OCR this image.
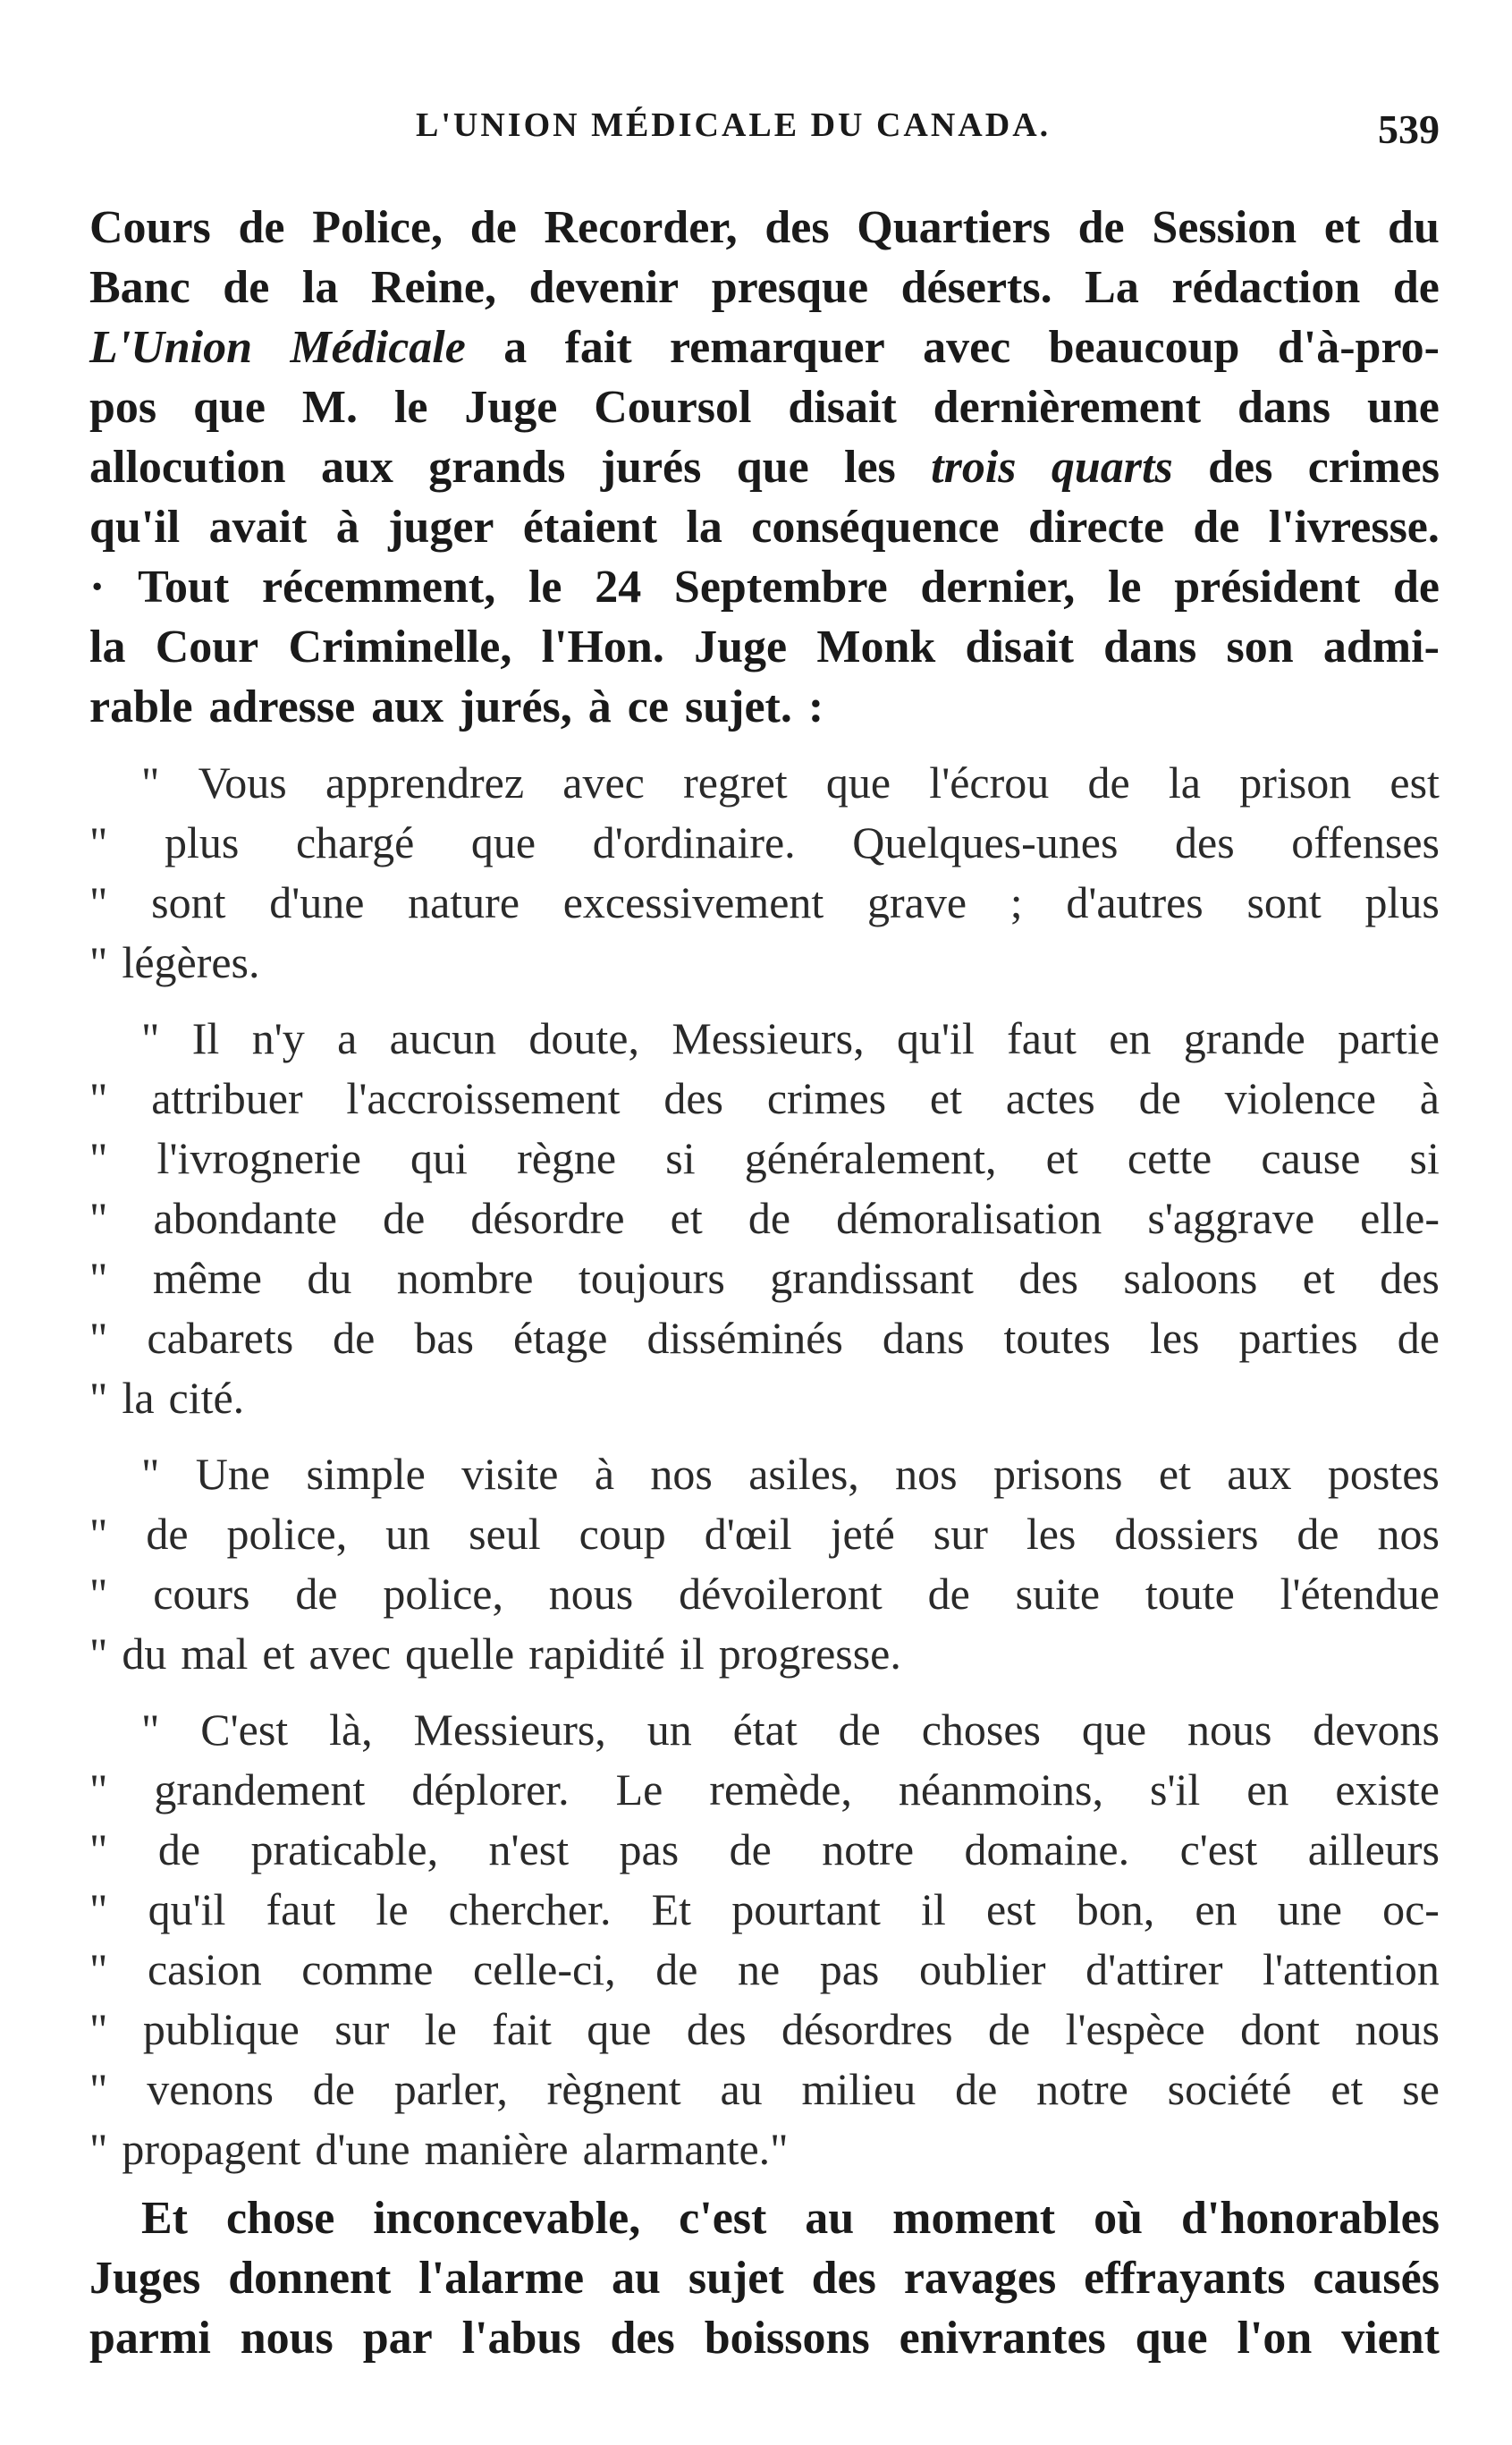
L'UNION MÉDICALE DU CANADA.	539
Cours de Police, de Recorder, des Quartiers de Session et du
Banc de la Reine, devenir presque déserts. La rédaction de
L'Union Médicale a fait remarquer avec beaucoup d'à-pro-
pos que M. le Juge Coursol disait dernièrement dans une
allocution aux grands jurés que les trois quarts des crimes
qu'il avait à juger étaient la conséquence directe de l'ivresse.
· Tout récemment, le 24 Septembre dernier, le président de
la Cour Criminelle, l'Hon. Juge Monk disait dans son admi-
rable adresse aux jurés, à ce sujet. :
" Vous apprendrez avec regret que l'écrou de la prison est
" plus chargé que d'ordinaire. Quelques-unes des offenses
" sont d'une nature excessivement grave ; d'autres sont plus
" légères.
" Il n'y a aucun doute, Messieurs, qu'il faut en grande partie
" attribuer l'accroissement des crimes et actes de violence à
" l'ivrognerie qui règne si généralement, et cette cause si
" abondante de désordre et de démoralisation s'aggrave elle-
" même du nombre toujours grandissant des saloons et des
" cabarets de bas étage disséminés dans toutes les parties de
" la cité.
" Une simple visite à nos asiles, nos prisons et aux postes
" de police, un seul coup d'œil jeté sur les dossiers de nos
" cours de police, nous dévoileront de suite toute l'étendue
" du mal et avec quelle rapidité il progresse.
" C'est là, Messieurs, un état de choses que nous devons
" grandement déplorer. Le remède, néanmoins, s'il en existe
" de praticable, n'est pas de notre domaine. c'est ailleurs
" qu'il faut le chercher. Et pourtant il est bon, en une oc-
" casion comme celle-ci, de ne pas oublier d'attirer l'attention
" publique sur le fait que des désordres de l'espèce dont nous
" venons de parler, règnent au milieu de notre société et se
" propagent d'une manière alarmante."
Et chose inconcevable, c'est au moment où d'honorables
Juges donnent l'alarme au sujet des ravages effrayants causés
parmi nous par l'abus des boissons enivrantes que l'on vient
